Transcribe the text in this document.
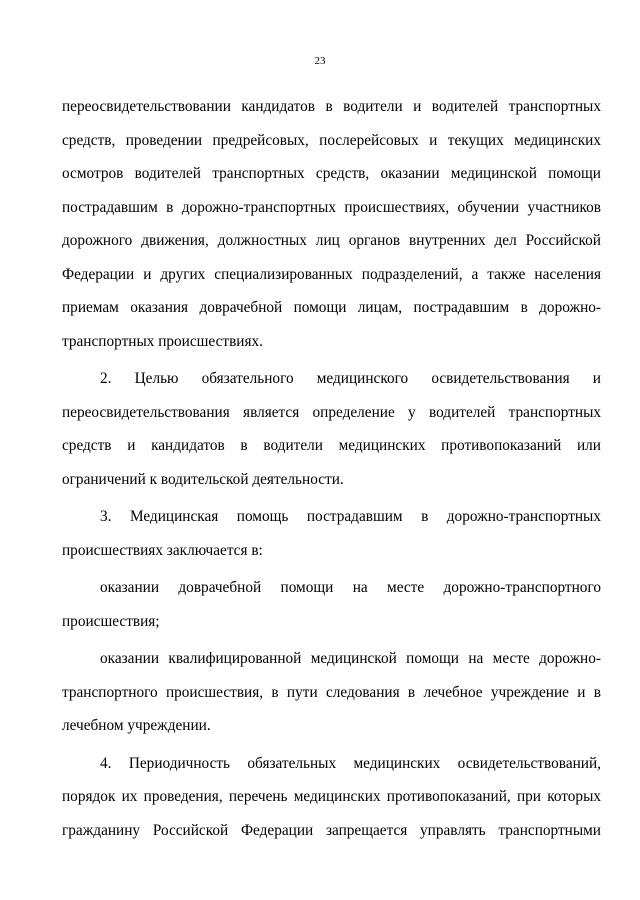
23
переосвидетельствовании кандидатов в водители и водителей транспортных
средств, проведении предрейсовых, послерейсовых и текущих медицинских
осмотров водителей транспортных средств, оказании медицинской помощи
пострадавшим в дорожно-транспортных происшествиях, обучении участников
дорожного движения, должностных лиц органов внутренних дел Российской
Федерации и других специализированных подразделений, а также населения
приемам оказания доврачебной помощи лицам, пострадавшим в дорожно-
транспортных происшествиях.
2. Целью обязательного медицинского освидетельствования и
переосвидетельствования является определение у водителей транспортных
средств и кандидатов в водители медицинских противопоказаний или
ограничений к водительской деятельности.
3. Медицинская помощь пострадавшим в дорожно-транспортных
происшествиях заключается в:
оказании доврачебной помощи на месте дорожно-транспортного
происшествия;
оказании квалифицированной медицинской помощи на месте дорожно-
транспортного происшествия, в пути следования в лечебное учреждение и в
лечебном учреждении.
4. Периодичность обязательных медицинских освидетельствований,
порядок их проведения, перечень медицинских противопоказаний, при которых
гражданину Российской Федерации запрещается управлять транспортными
